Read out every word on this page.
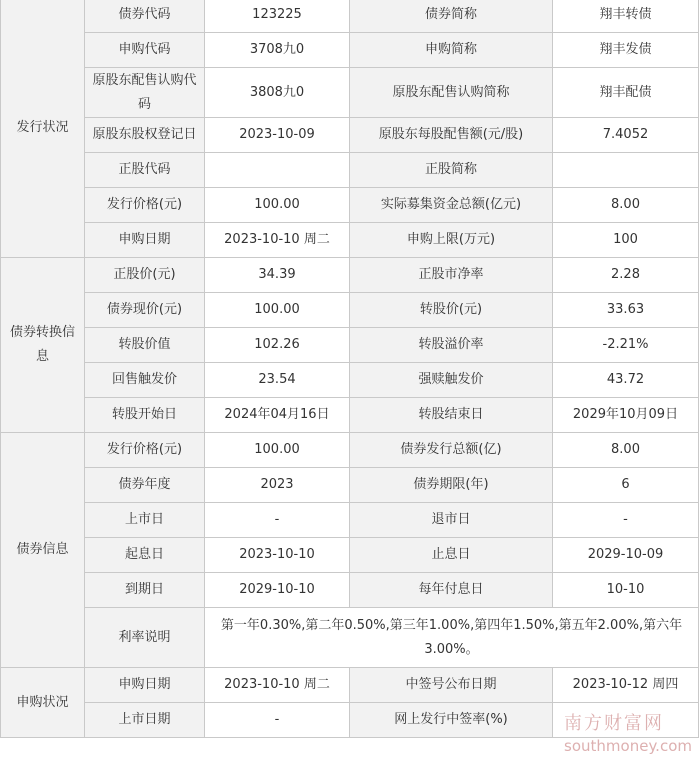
发行状况	债券代码	123225	债券简称	翔丰转债
	申购代码	3708九0	申购简称	翔丰发债
	原股东配售认购代码	3808九0	原股东配售认购简称	翔丰配债
	原股东股权登记日	2023-10-09	原股东每股配售额(元/股)	7.4052
	正股代码		正股简称	
	发行价格(元)	100.00	实际募集资金总额(亿元)	8.00
	申购日期	2023-10-10 周二	申购上限(万元)	100
债券转换信息	正股价(元)	34.39	正股市净率	2.28
	债券现价(元)	100.00	转股价(元)	33.63
	转股价值	102.26	转股溢价率	-2.21%
	回售触发价	23.54	强赎触发价	43.72
	转股开始日	2024年04月16日	转股结束日	2029年10月09日
债券信息	发行价格(元)	100.00	债券发行总额(亿)	8.00
	债券年度	2023	债券期限(年)	6
	上市日	-	退市日	-
	起息日	2023-10-10	止息日	2029-10-09
	到期日	2029-10-10	每年付息日	10-10
	利率说明	第一年0.30%,第二年0.50%,第三年1.00%,第四年1.50%,第五年2.00%,第六年3.00%。		
申购状况	申购日期	2023-10-10 周二	中签号公布日期	2023-10-12 周四
	上市日期	-	网上发行中签率(%)		南方财富网
southmoney.com
